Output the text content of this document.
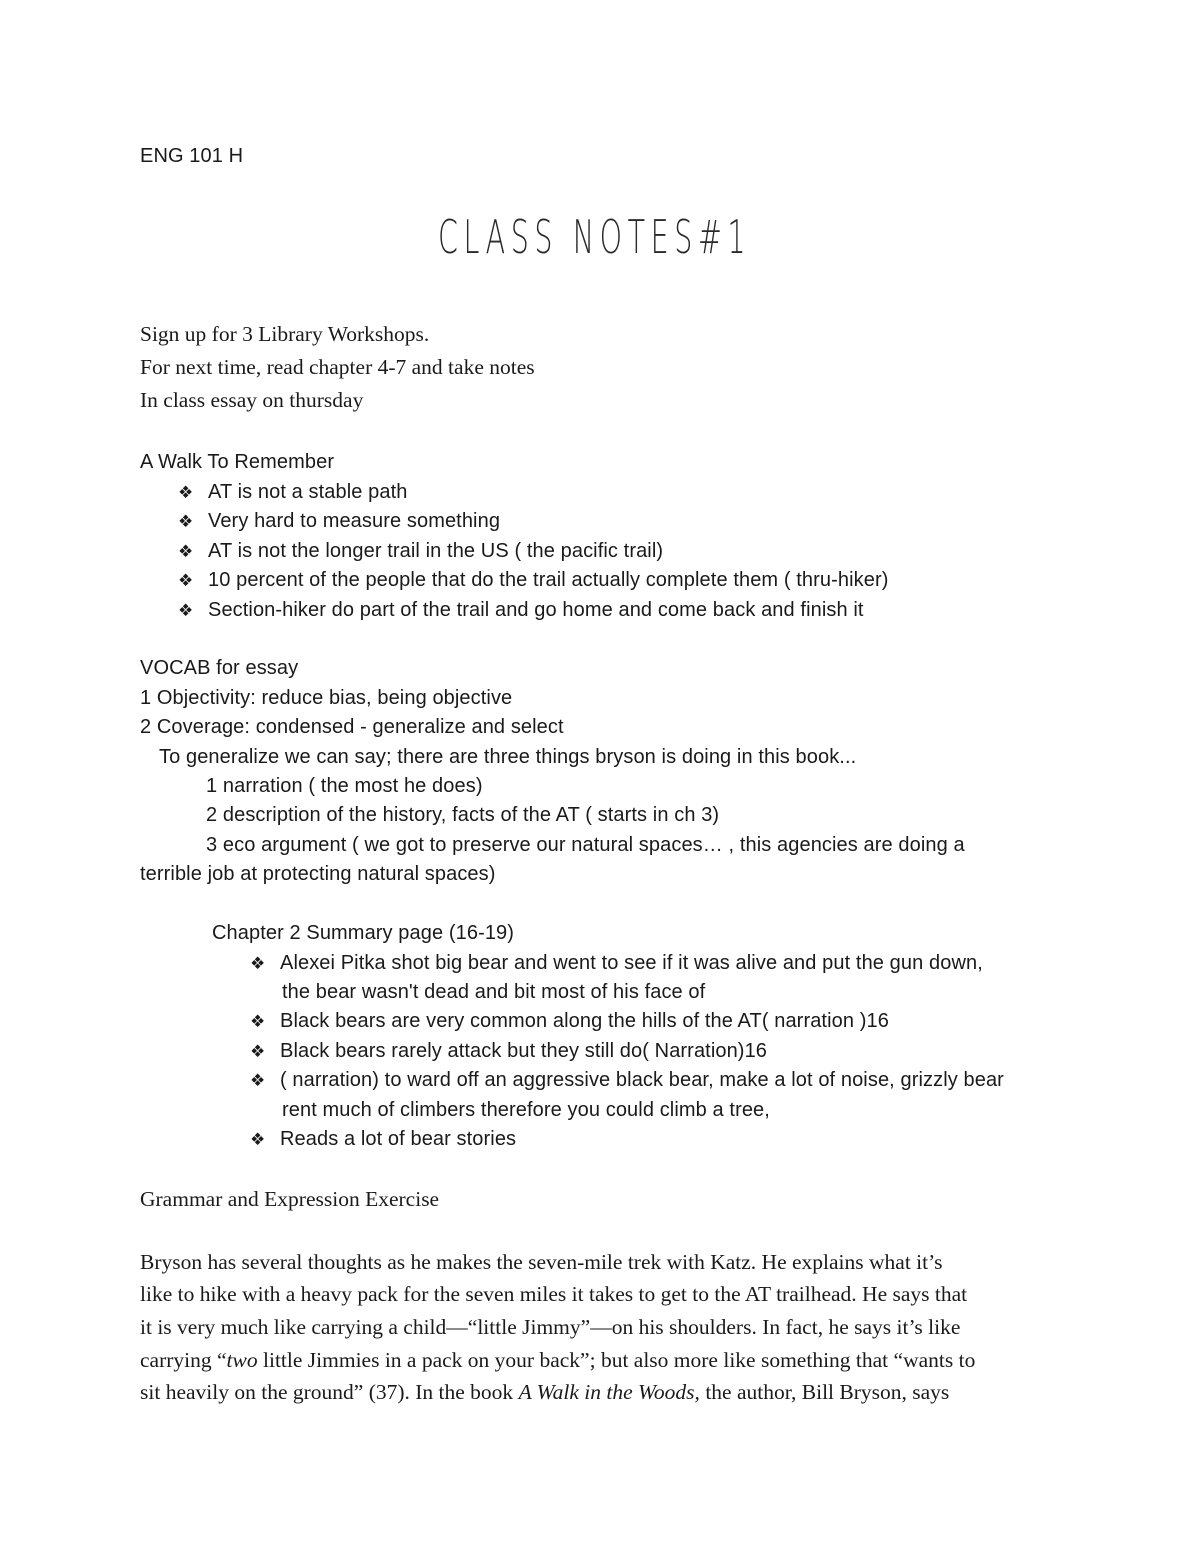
ENG 101 H
CLASS NOTES#1
Sign up for 3 Library Workshops.
For next time, read chapter 4-7 and take notes
In class essay on thursday
A Walk To Remember
❖ AT is not a stable path
❖ Very hard to measure something
❖ AT is not the longer trail in the US ( the pacific trail)
❖ 10 percent of the people that do the trail actually complete them ( thru-hiker)
❖ Section-hiker do part of the trail and go home and come back and finish it
VOCAB for essay
1 Objectivity: reduce bias, being objective
2 Coverage: condensed - generalize and select
To generalize we can say; there are three things bryson is doing in this book...
1 narration ( the most he does)
2 description of the history, facts of the AT ( starts in ch 3)
3 eco argument ( we got to preserve our natural spaces… , this agencies are doing a
terrible job at protecting natural spaces)
Chapter 2 Summary page (16-19)
❖ Alexei Pitka shot big bear and went to see if it was alive and put the gun down,
the bear wasn't dead and bit most of his face of
❖ Black bears are very common along the hills of the AT( narration )16
❖ Black bears rarely attack but they still do( Narration)16
❖ ( narration) to ward off an aggressive black bear, make a lot of noise, grizzly bear
rent much of climbers therefore you could climb a tree,
❖ Reads a lot of bear stories
Grammar and Expression Exercise
Bryson has several thoughts as he makes the seven-mile trek with Katz. He explains what it’s
like to hike with a heavy pack for the seven miles it takes to get to the AT trailhead. He says that
it is very much like carrying a child—“little Jimmy”—on his shoulders. In fact, he says it’s like
carrying “two little Jimmies in a pack on your back”; but also more like something that “wants to
sit heavily on the ground” (37). In the book A Walk in the Woods, the author, Bill Bryson, says
